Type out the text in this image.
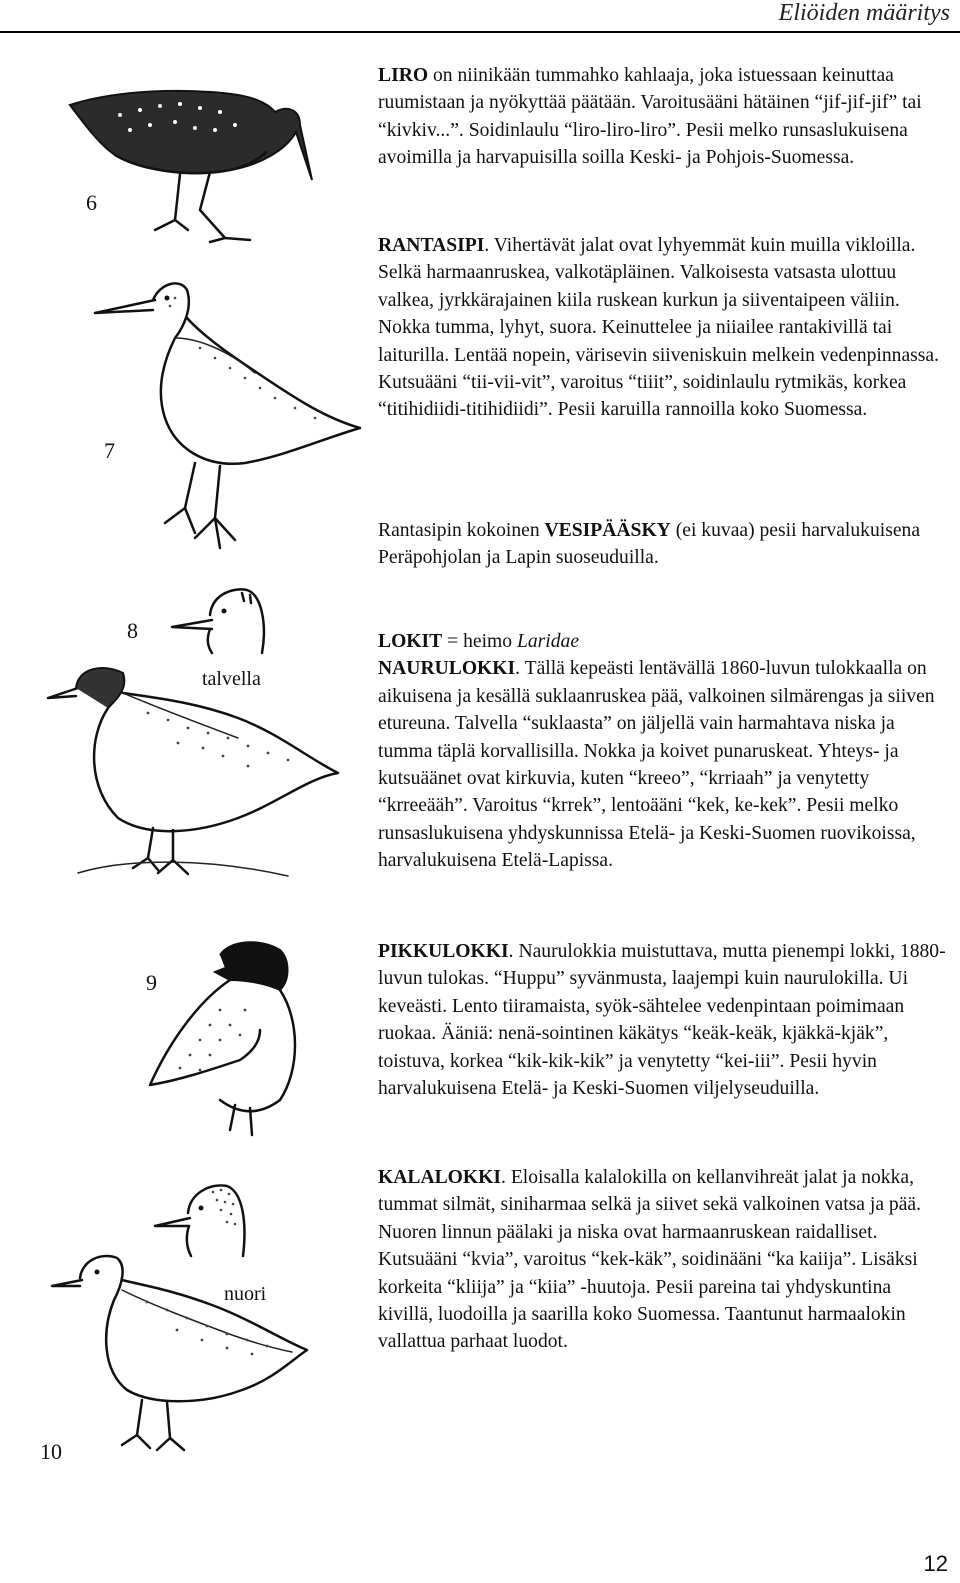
Eliöiden määritys
6
7
8
talvella
9
nuori
10

LIRO on niinikään tummahko kahlaaja, joka istuessaan keinuttaa ruumistaan ja nyökyttää päätään. Varoitusääni hätäinen “jif-jif-jif” tai “kivkiv...”. Soidinlaulu “liro-liro-liro”. Pesii melko runsaslukuisena avoimilla ja harvapuisilla soilla Keski- ja Pohjois-Suomessa.

RANTASIPI. Vihertävät jalat ovat lyhyemmät kuin muilla vikloilla. Selkä harmaanruskea, valkotäpläinen. Valkoisesta vatsasta ulottuu valkea, jyrkkärajainen kiila ruskean kurkun ja siiventaipeen väliin. Nokka tumma, lyhyt, suora. Keinuttelee ja niiailee rantakivillä tai laiturilla. Lentää nopein, värisevin siiveniskuin melkein vedenpinnassa. Kutsuääni “tii-vii-vit”, varoitus “tiiit”, soidinlaulu rytmikäs, korkea “titihidiidi-titihidiidi”. Pesii karuilla rannoilla koko Suomessa.

Rantasipin kokoinen VESIPÄÄSKY (ei kuvaa) pesii harvalukuisena Peräpohjolan ja Lapin suoseuduilla.

LOKIT = heimo Laridae

NAURULOKKI. Tällä kepeästi lentävällä 1860-luvun tulokkaalla on aikuisena ja kesällä suklaanruskea pää, valkoinen silmärengas ja siiven etureuna. Talvella “suklaasta” on jäljellä vain harmahtava niska ja tumma täplä korvallisilla. Nokka ja koivet punaruskeat. Yhteys- ja kutsuäänet ovat kirkuvia, kuten “kreeo”, “krriaah” ja venytetty “krreeääh”. Varoitus “krrek”, lentoääni “kek, ke-kek”. Pesii melko runsaslukuisena yhdyskunnissa Etelä- ja Keski-Suomen ruovikoissa, harvalukuisena Etelä-Lapissa.

PIKKULOKKI. Naurulokkia muistuttava, mutta pienempi lokki, 1880-luvun tulokas. “Huppu” syvänmusta, laajempi kuin naurulokilla. Ui keveästi. Lento tiiramaista, syök-sähtelee vedenpintaan poimimaan ruokaa. Ääniä: nenä-sointinen käkätys “keäk-keäk, kjäkkä-kjäk”, toistuva, korkea “kik-kik-kik” ja venytetty “kei-iii”. Pesii hyvin harvalukuisena Etelä- ja Keski-Suomen viljelyseuduilla.

KALALOKKI. Eloisalla kalalokilla on kellanvihreät jalat ja nokka, tummat silmät, siniharmaa selkä ja siivet sekä valkoinen vatsa ja pää. Nuoren linnun päälaki ja niska ovat harmaanruskean raidalliset. Kutsuääni “kvia”, varoitus “kek-käk”, soidinääni “ka kaiija”. Lisäksi korkeita “kliija” ja “kiia” -huutoja. Pesii pareina tai yhdyskuntina kivillä, luodoilla ja saarilla koko Suomessa. Taantunut harmaalokin vallattua parhaat luodot.

12
